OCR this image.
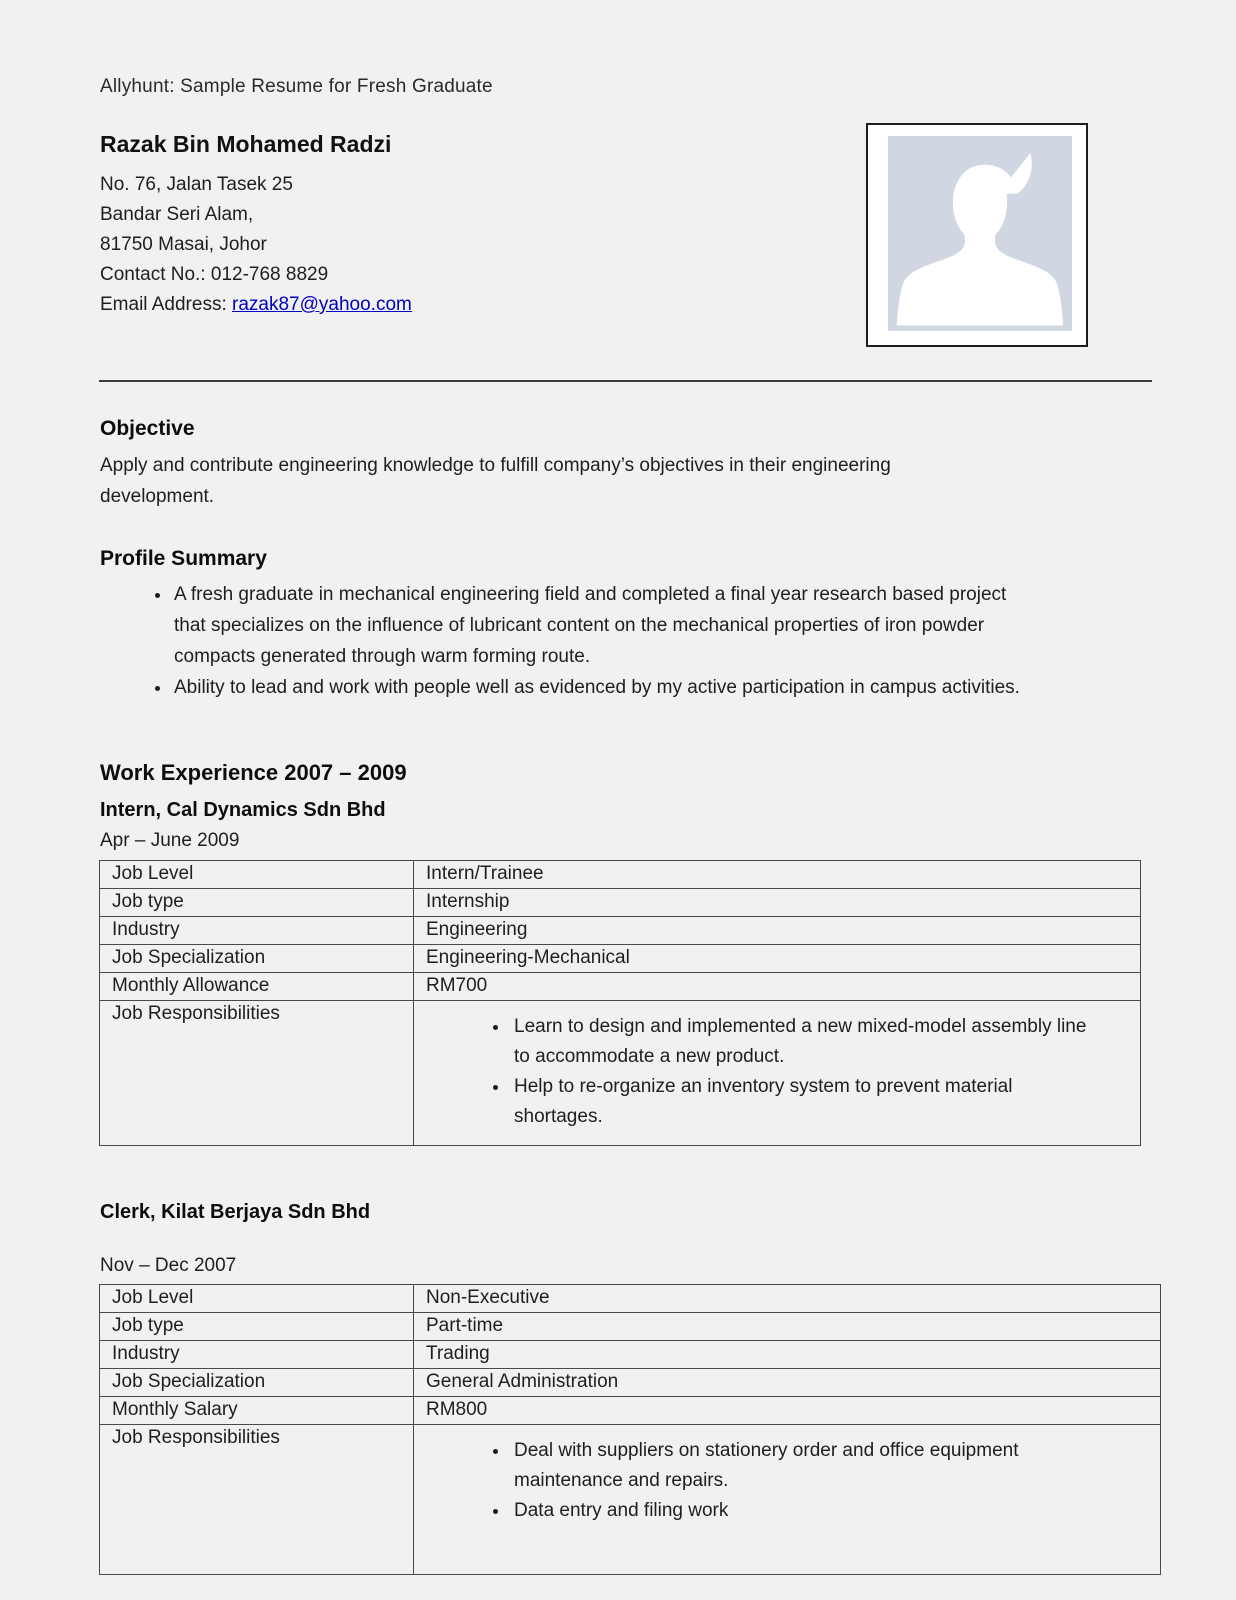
Allyhunt: Sample Resume for Fresh Graduate
Razak Bin Mohamed Radzi
No. 76, Jalan Tasek 25
Bandar Seri Alam,
81750 Masai, Johor
Contact No.: 012-768 8829
Email Address: razak87@yahoo.com
Objective

Apply and contribute engineering knowledge to fulfill company’s objectives in their engineering development.

Profile Summary
• A fresh graduate in mechanical engineering field and completed a final year research based project that specializes on the influence of lubricant content on the mechanical properties of iron powder compacts generated through warm forming route.
• Ability to lead and work with people well as evidenced by my active participation in campus activities.
Work Experience 2007 – 2009
Intern, Cal Dynamics Sdn Bhd
Apr – June 2009
Job Level	Intern/Trainee
Job type	Internship
Industry	Engineering
Job Specialization	Engineering-Mechanical
Monthly Allowance	RM700
Job Responsibilities	
• Learn to design and implemented a new mixed-model assembly line to accommodate a new product.
• Help to re-organize an inventory system to prevent material shortages.
Clerk, Kilat Berjaya Sdn Bhd
Nov – Dec 2007
Job Level	Non-Executive
Job type	Part-time
Industry	Trading
Job Specialization	General Administration
Monthly Salary	RM800
Job Responsibilities	
• Deal with suppliers on stationery order and office equipment maintenance and repairs.
• Data entry and filing work
